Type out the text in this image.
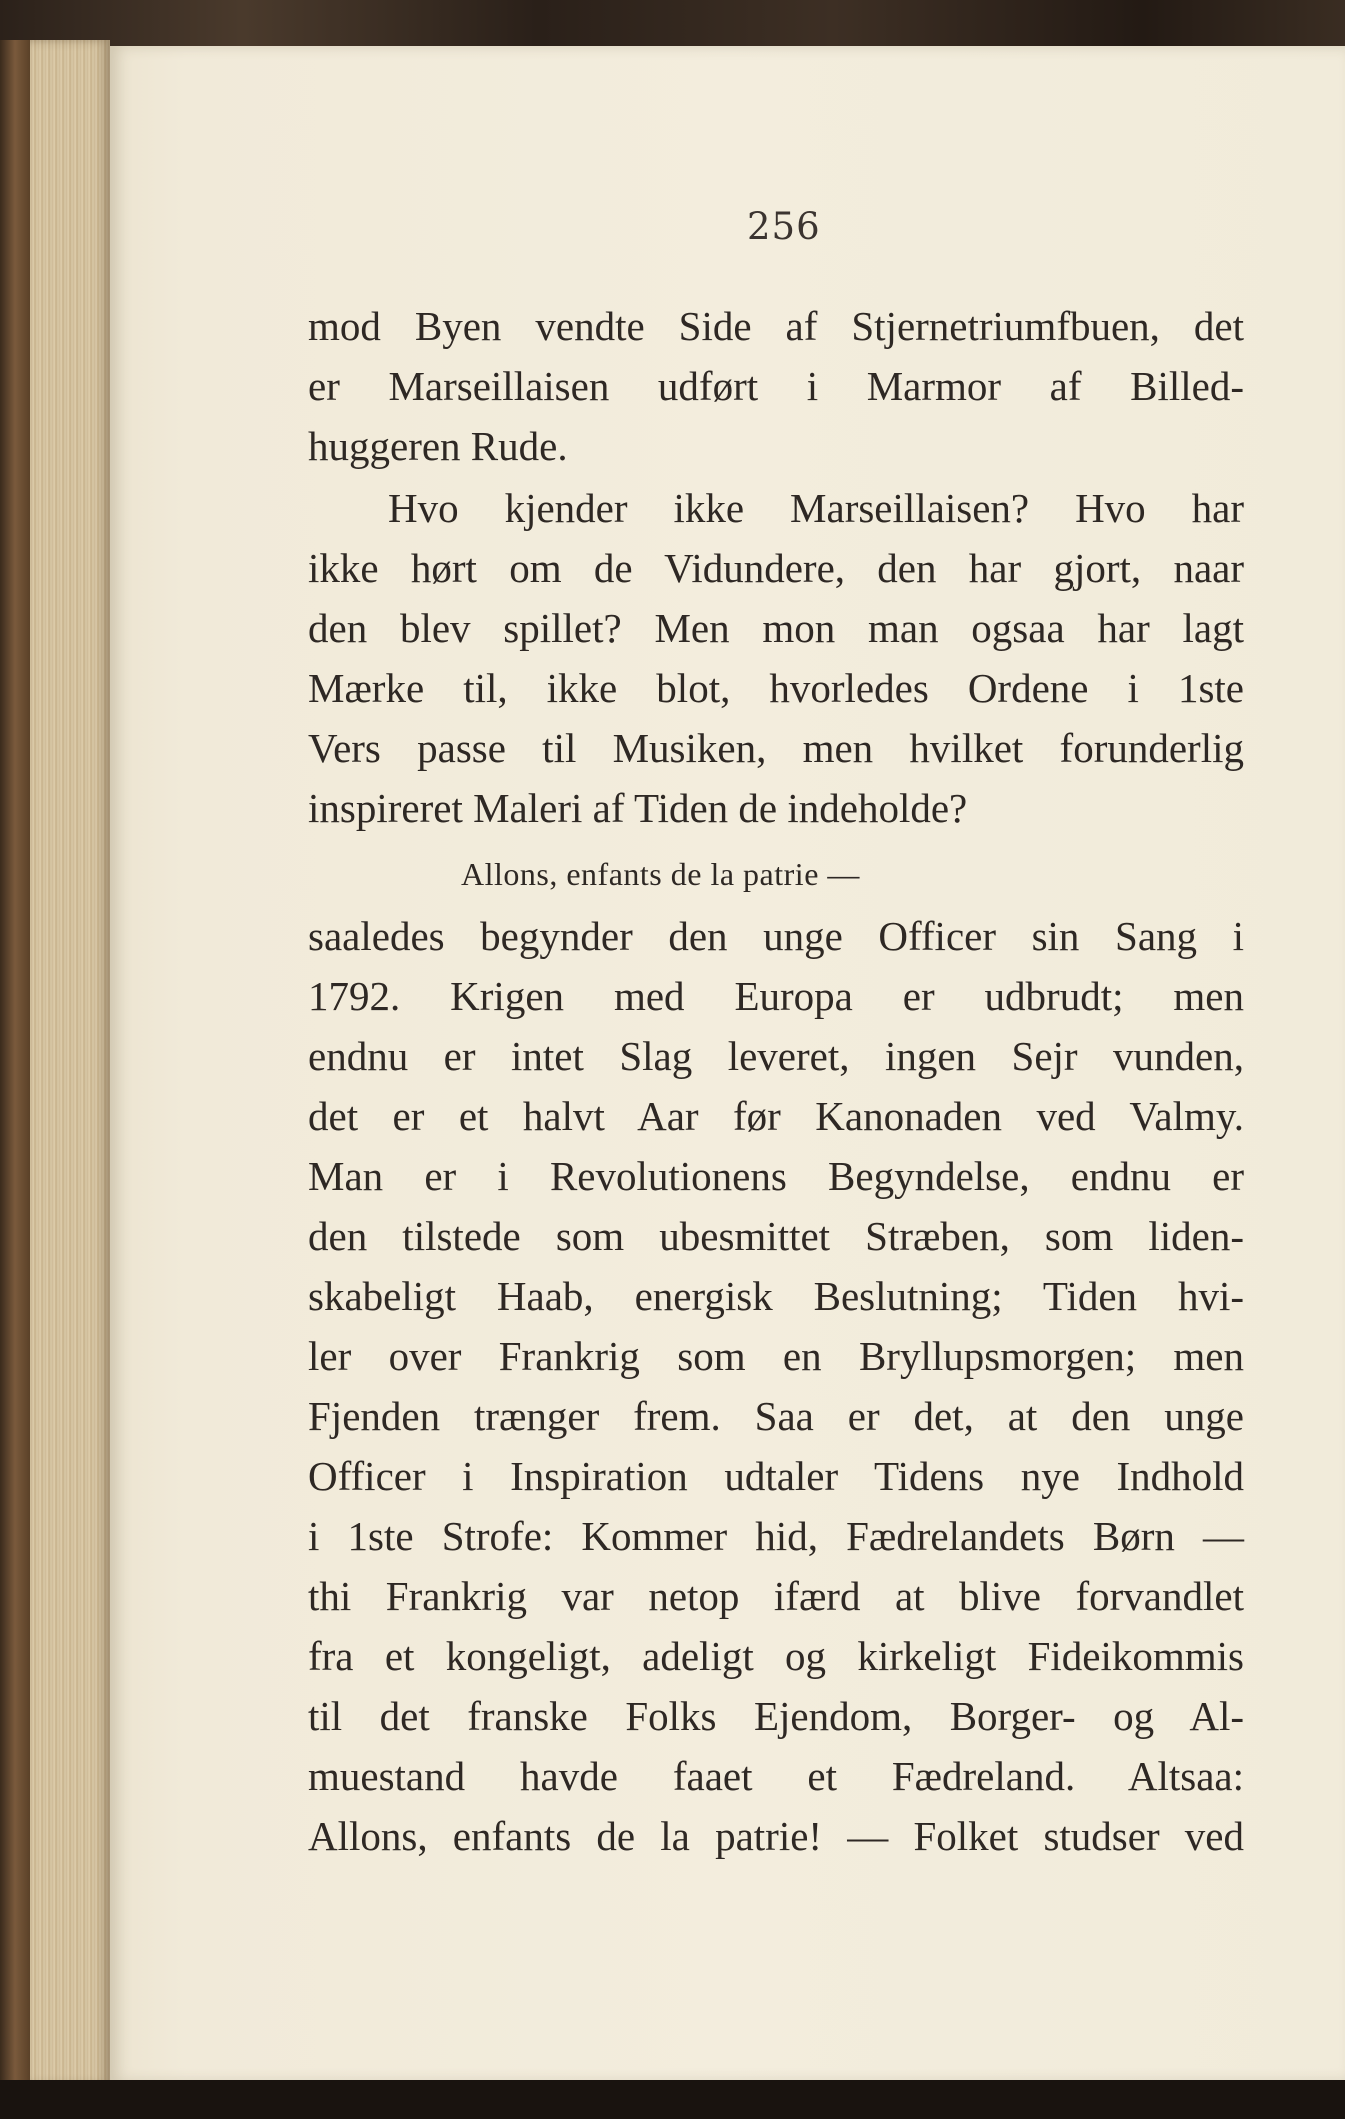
256
mod Byen vendte Side af Stjernetriumfbuen, det
er Marseillaisen udført i Marmor af Billed-
huggeren Rude.
Hvo kjender ikke Marseillaisen? Hvo har
ikke hørt om de Vidundere, den har gjort, naar
den blev spillet? Men mon man ogsaa har lagt
Mærke til, ikke blot, hvorledes Ordene i 1ste
Vers passe til Musiken, men hvilket forunderlig
inspireret Maleri af Tiden de indeholde?
Allons, enfants de la patrie —
saaledes begynder den unge Officer sin Sang i
1792. Krigen med Europa er udbrudt; men
endnu er intet Slag leveret, ingen Sejr vunden,
det er et halvt Aar før Kanonaden ved Valmy.
Man er i Revolutionens Begyndelse, endnu er
den tilstede som ubesmittet Stræben, som liden-
skabeligt Haab, energisk Beslutning; Tiden hvi-
ler over Frankrig som en Bryllupsmorgen; men
Fjenden trænger frem. Saa er det, at den unge
Officer i Inspiration udtaler Tidens nye Indhold
i 1ste Strofe: Kommer hid, Fædrelandets Børn —
thi Frankrig var netop ifærd at blive forvandlet
fra et kongeligt, adeligt og kirkeligt Fideikommis
til det franske Folks Ejendom, Borger- og Al-
muestand havde faaet et Fædreland. Altsaa:
Allons, enfants de la patrie! — Folket studser ved
